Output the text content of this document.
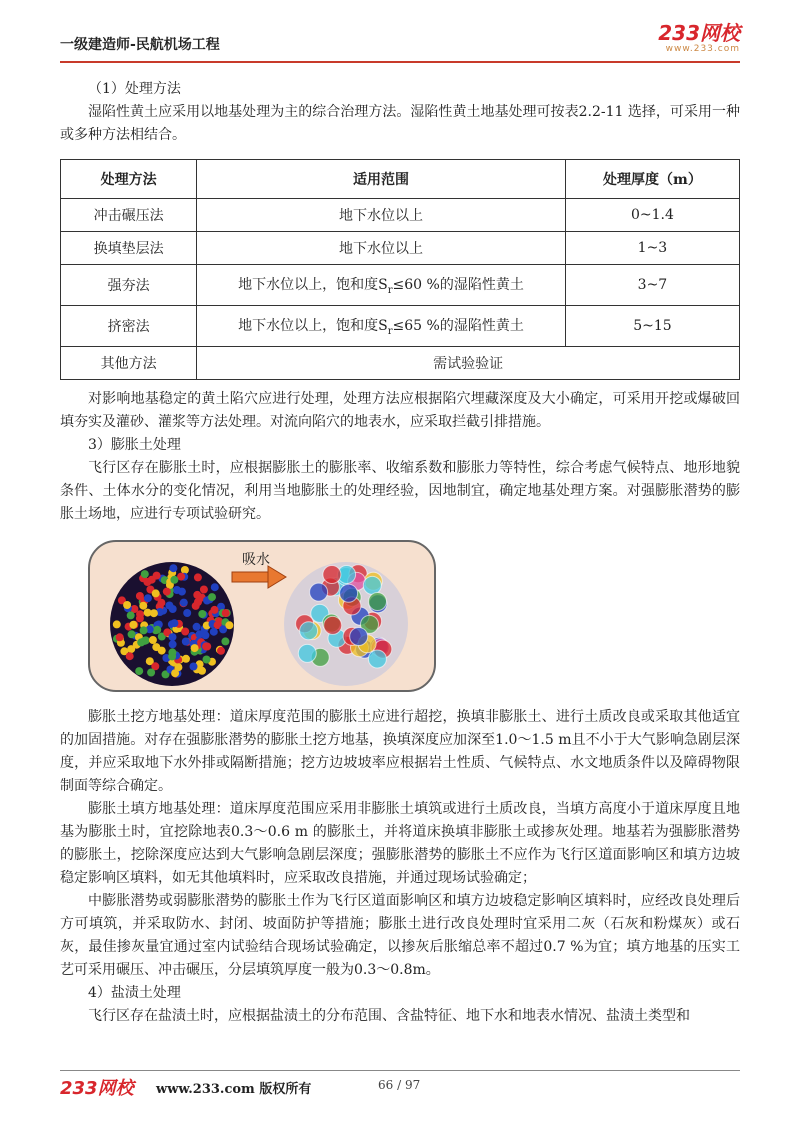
一级建造师-民航机场工程	233网校
www.233.com

（1）处理方法

湿陷性黄土应采用以地基处理为主的综合治理方法。湿陷性黄土地基处理可按表2.2-11 选择，可采用一种或多种方法相结合。

处理方法	适用范围	处理厚度（m）
冲击碾压法	地下水位以上	0~1.4
换填垫层法	地下水位以上	1~3
强夯法	地下水位以上，饱和度$S_r\le 60$ %的湿陷性黄土	3~7
挤密法	地下水位以上，饱和度$S_r\le 65$ %的湿陷性黄土	5~15
其他方法	需试验验证	

对影响地基稳定的黄土陷穴应进行处理，处理方法应根据陷穴埋藏深度及大小确定，可采用开挖或爆破回填夯实及灌砂、灌浆等方法处理。对流向陷穴的地表水，应采取拦截引排措施。

3）膨胀土处理

飞行区存在膨胀土时，应根据膨胀土的膨胀率、收缩系数和膨胀力等特性，综合考虑气候特点、地形地貌条件、土体水分的变化情况，利用当地膨胀土的处理经验，因地制宜，确定地基处理方案。对强膨胀潜势的膨胀土场地，应进行专项试验研究。

吸水

膨胀土挖方地基处理：道床厚度范围的膨胀土应进行超挖，换填非膨胀土、进行土质改良或采取其他适宜的加固措施。对存在强膨胀潜势的膨胀土挖方地基，换填深度应加深至1.0～1.5 m且不小于大气影响急剧层深度，并应采取地下水外排或隔断措施；挖方边坡坡率应根据岩土性质、气候特点、水文地质条件以及障碍物限制面等综合确定。

膨胀土填方地基处理：道床厚度范围应采用非膨胀土填筑或进行土质改良，当填方高度小于道床厚度且地基为膨胀土时，宜挖除地表0.3～0.6 m 的膨胀土，并将道床换填非膨胀土或掺灰处理。地基若为强膨胀潜势的膨胀土，挖除深度应达到大气影响急剧层深度；强膨胀潜势的膨胀土不应作为飞行区道面影响区和填方边坡稳定影响区填料，如无其他填料时，应采取改良措施，并通过现场试验确定；

中膨胀潜势或弱膨胀潜势的膨胀土作为飞行区道面影响区和填方边坡稳定影响区填料时，应经改良处理后方可填筑，并采取防水、封闭、坡面防护等措施；膨胀土进行改良处理时宜采用二灰（石灰和粉煤灰）或石灰，最佳掺灰量宜通过室内试验结合现场试验确定，以掺灰后胀缩总率不超过0.7 %为宜；填方地基的压实工艺可采用碾压、冲击碾压，分层填筑厚度一般为0.3～0.8m。

4）盐渍土处理

飞行区存在盐渍土时，应根据盐渍土的分布范围、含盐特征、地下水和地表水情况、盐渍土类型和

233网校 www.233.com 版权所有	66 / 97
